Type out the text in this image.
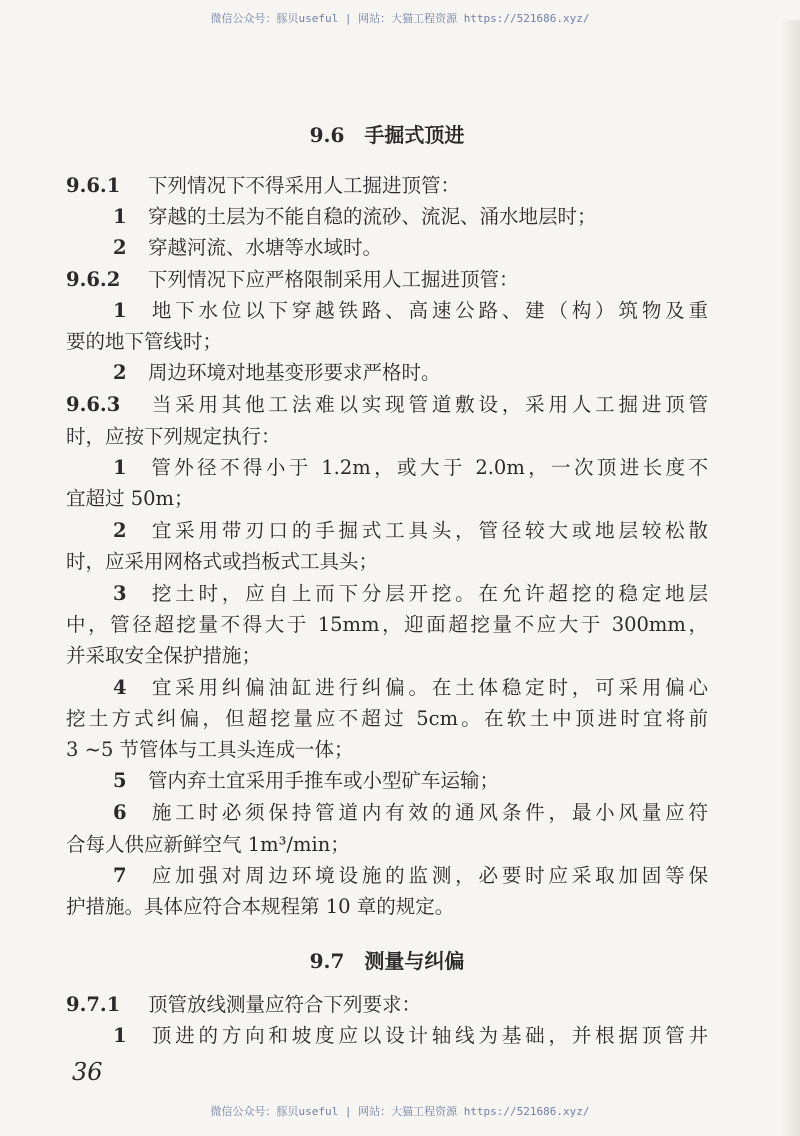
微信公众号：豚贝useful | 网站：大猫工程资源 https://521686.xyz/
9.6　手掘式顶进
9.6.1 下列情况下不得采用人工掘进顶管：
1 穿越的土层为不能自稳的流砂、流泥、涌水地层时；
2 穿越河流、水塘等水域时。
9.6.2 下列情况下应严格限制采用人工掘进顶管：
1 地下水位以下穿越铁路、高速公路、建（构）筑物及重
要的地下管线时；
2 周边环境对地基变形要求严格时。
9.6.3 当采用其他工法难以实现管道敷设，采用人工掘进顶管
时，应按下列规定执行：
1 管外径不得小于 1.2m，或大于 2.0m，一次顶进长度不
宜超过 50m；
2 宜采用带刃口的手掘式工具头，管径较大或地层较松散
时，应采用网格式或挡板式工具头；
3 挖土时，应自上而下分层开挖。在允许超挖的稳定地层
中，管径超挖量不得大于 15mm，迎面超挖量不应大于 300mm，
并采取安全保护措施；
4 宜采用纠偏油缸进行纠偏。在土体稳定时，可采用偏心
挖土方式纠偏，但超挖量应不超过 5cm。在软土中顶进时宜将前
3 ~5 节管体与工具头连成一体；
5 管内弃土宜采用手推车或小型矿车运输；
6 施工时必须保持管道内有效的通风条件，最小风量应符
合每人供应新鲜空气 1m³/min；
7 应加强对周边环境设施的监测，必要时应采取加固等保
护措施。具体应符合本规程第 10 章的规定。
9.7　测量与纠偏
9.7.1 顶管放线测量应符合下列要求：
1 顶进的方向和坡度应以设计轴线为基础，并根据顶管井
36
微信公众号：豚贝useful | 网站：大猫工程资源 https://521686.xyz/
